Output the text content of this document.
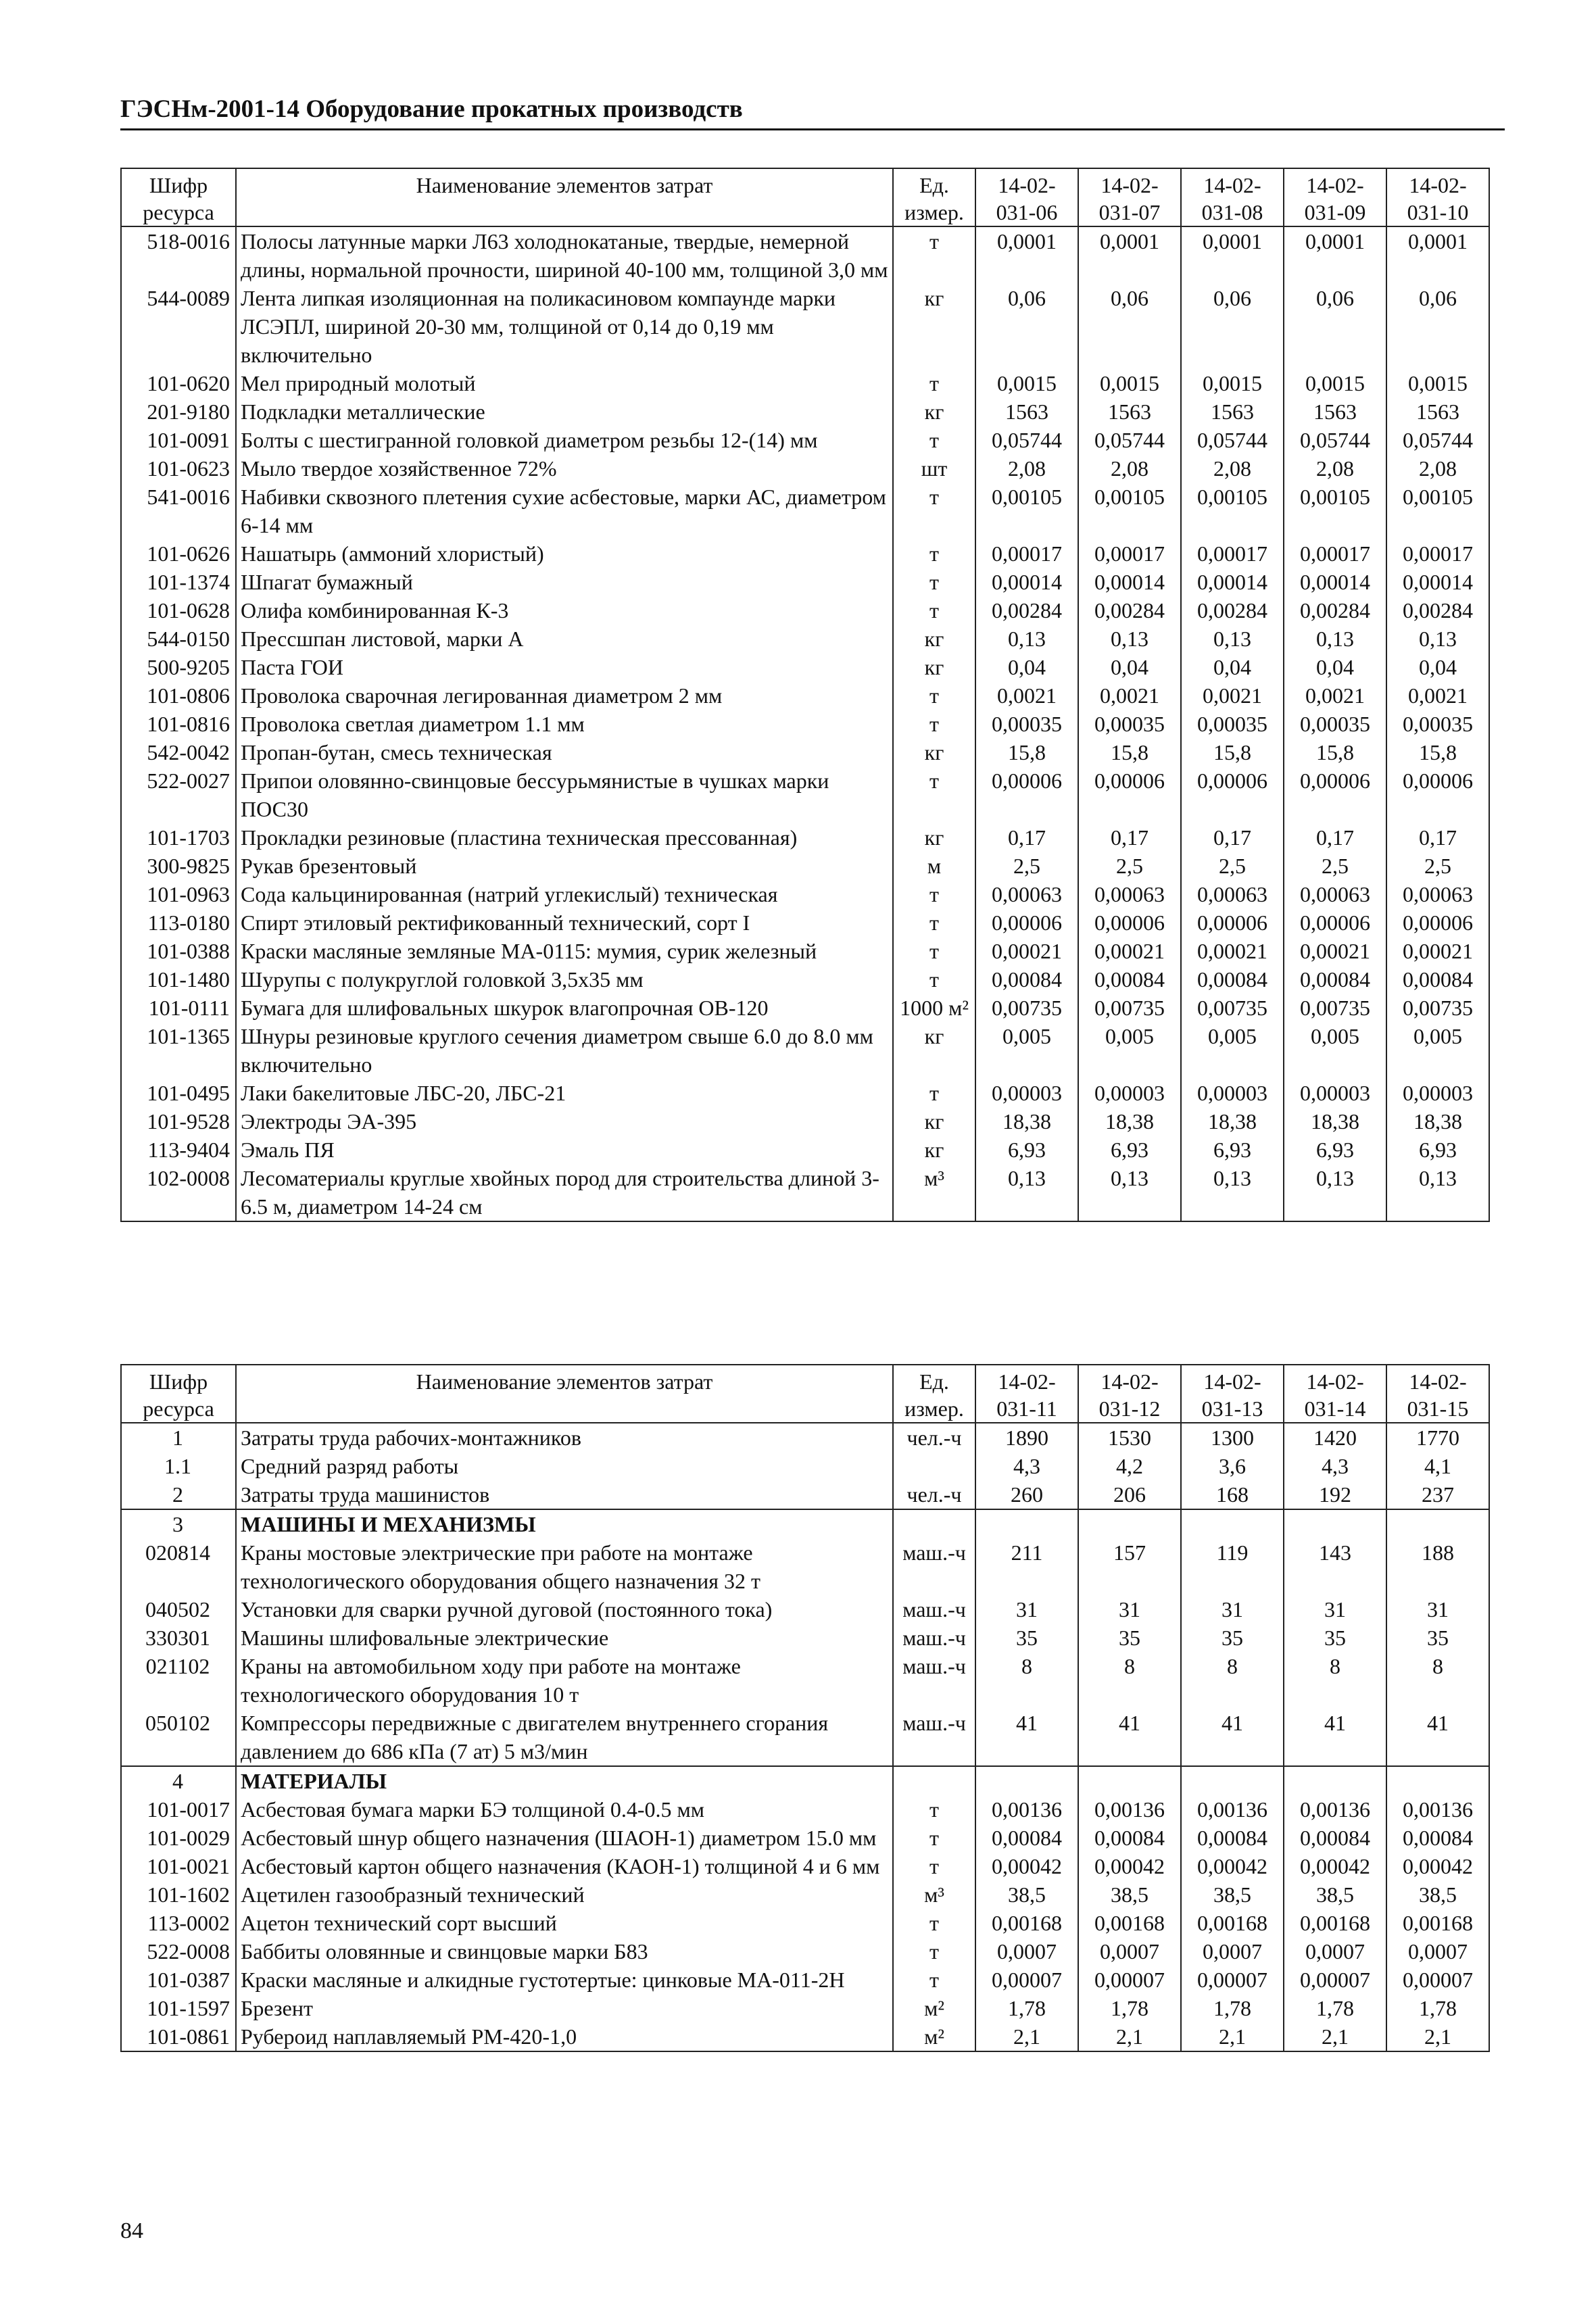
ГЭСНм-2001-14 Оборудование прокатных производств
Шифр ресурса	Наименование элементов затрат	Ед. измер.	14-02-031-06	14-02-031-07	14-02-031-08	14-02-031-09	14-02-031-10
518-0016	Полосы латунные марки Л63 холоднокатаные, твердые, немерной длины, нормальной прочности, шириной 40-100 мм, толщиной 3,0 мм	т	0,0001	0,0001	0,0001	0,0001	0,0001
544-0089	Лента липкая изоляционная на поликасиновом компаунде марки ЛСЭПЛ, шириной 20-30 мм, толщиной от 0,14 до 0,19 мм включительно	кг	0,06	0,06	0,06	0,06	0,06
101-0620	Мел природный молотый	т	0,0015	0,0015	0,0015	0,0015	0,0015
201-9180	Подкладки металлические	кг	1563	1563	1563	1563	1563
101-0091	Болты с шестигранной головкой диаметром резьбы 12-(14) мм	т	0,05744	0,05744	0,05744	0,05744	0,05744
101-0623	Мыло твердое хозяйственное 72%	шт	2,08	2,08	2,08	2,08	2,08
541-0016	Набивки сквозного плетения сухие асбестовые, марки АС, диаметром 6-14 мм	т	0,00105	0,00105	0,00105	0,00105	0,00105
101-0626	Нашатырь (аммоний хлористый)	т	0,00017	0,00017	0,00017	0,00017	0,00017
101-1374	Шпагат бумажный	т	0,00014	0,00014	0,00014	0,00014	0,00014
101-0628	Олифа комбинированная К-3	т	0,00284	0,00284	0,00284	0,00284	0,00284
544-0150	Прессшпан листовой, марки А	кг	0,13	0,13	0,13	0,13	0,13
500-9205	Паста ГОИ	кг	0,04	0,04	0,04	0,04	0,04
101-0806	Проволока сварочная легированная диаметром 2 мм	т	0,0021	0,0021	0,0021	0,0021	0,0021
101-0816	Проволока светлая диаметром 1.1 мм	т	0,00035	0,00035	0,00035	0,00035	0,00035
542-0042	Пропан-бутан, смесь техническая	кг	15,8	15,8	15,8	15,8	15,8
522-0027	Припои оловянно-свинцовые бессурьмянистые в чушках марки ПОС30	т	0,00006	0,00006	0,00006	0,00006	0,00006
101-1703	Прокладки резиновые (пластина техническая прессованная)	кг	0,17	0,17	0,17	0,17	0,17
300-9825	Рукав брезентовый	м	2,5	2,5	2,5	2,5	2,5
101-0963	Сода кальцинированная (натрий углекислый) техническая	т	0,00063	0,00063	0,00063	0,00063	0,00063
113-0180	Спирт этиловый ректификованный технический, сорт I	т	0,00006	0,00006	0,00006	0,00006	0,00006
101-0388	Краски масляные земляные МА-0115: мумия, сурик железный	т	0,00021	0,00021	0,00021	0,00021	0,00021
101-1480	Шурупы с полукруглой головкой 3,5x35 мм	т	0,00084	0,00084	0,00084	0,00084	0,00084
101-0111	Бумага для шлифовальных шкурок влагопрочная ОВ-120	1000 м²	0,00735	0,00735	0,00735	0,00735	0,00735
101-1365	Шнуры резиновые круглого сечения диаметром свыше 6.0 до 8.0 мм включительно	кг	0,005	0,005	0,005	0,005	0,005
101-0495	Лаки бакелитовые ЛБС-20, ЛБС-21	т	0,00003	0,00003	0,00003	0,00003	0,00003
101-9528	Электроды ЭА-395	кг	18,38	18,38	18,38	18,38	18,38
113-9404	Эмаль ПЯ	кг	6,93	6,93	6,93	6,93	6,93
102-0008	Лесоматериалы круглые хвойных пород для строительства длиной 3-6.5 м, диаметром 14-24 см	м³	0,13	0,13	0,13	0,13	0,13
Шифр ресурса	Наименование элементов затрат	Ед. измер.	14-02-031-11	14-02-031-12	14-02-031-13	14-02-031-14	14-02-031-15
1	Затраты труда рабочих-монтажников	чел.-ч	1890	1530	1300	1420	1770
1.1	Средний разряд работы		4,3	4,2	3,6	4,3	4,1
2	Затраты труда машинистов	чел.-ч	260	206	168	192	237
3	МАШИНЫ И МЕХАНИЗМЫ						
020814	Краны мостовые электрические при работе на монтаже технологического оборудования общего назначения 32 т	маш.-ч	211	157	119	143	188
040502	Установки для сварки ручной дуговой (постоянного тока)	маш.-ч	31	31	31	31	31
330301	Машины шлифовальные электрические	маш.-ч	35	35	35	35	35
021102	Краны на автомобильном ходу при работе на монтаже технологического оборудования 10 т	маш.-ч	8	8	8	8	8
050102	Компрессоры передвижные с двигателем внутреннего сгорания давлением до 686 кПа (7 ат) 5 м3/мин	маш.-ч	41	41	41	41	41
4	МАТЕРИАЛЫ						
101-0017	Асбестовая бумага марки БЭ толщиной 0.4-0.5 мм	т	0,00136	0,00136	0,00136	0,00136	0,00136
101-0029	Асбестовый шнур общего назначения (ШАОН-1) диаметром 15.0 мм	т	0,00084	0,00084	0,00084	0,00084	0,00084
101-0021	Асбестовый картон общего назначения (КАОН-1) толщиной 4 и 6 мм	т	0,00042	0,00042	0,00042	0,00042	0,00042
101-1602	Ацетилен газообразный технический	м³	38,5	38,5	38,5	38,5	38,5
113-0002	Ацетон технический сорт высший	т	0,00168	0,00168	0,00168	0,00168	0,00168
522-0008	Баббиты оловянные и свинцовые марки Б83	т	0,0007	0,0007	0,0007	0,0007	0,0007
101-0387	Краски масляные и алкидные густотертые: цинковые МА-011-2Н	т	0,00007	0,00007	0,00007	0,00007	0,00007
101-1597	Брезент	м²	1,78	1,78	1,78	1,78	1,78
101-0861	Рубероид наплавляемый РМ-420-1,0	м²	2,1	2,1	2,1	2,1	2,1
84
